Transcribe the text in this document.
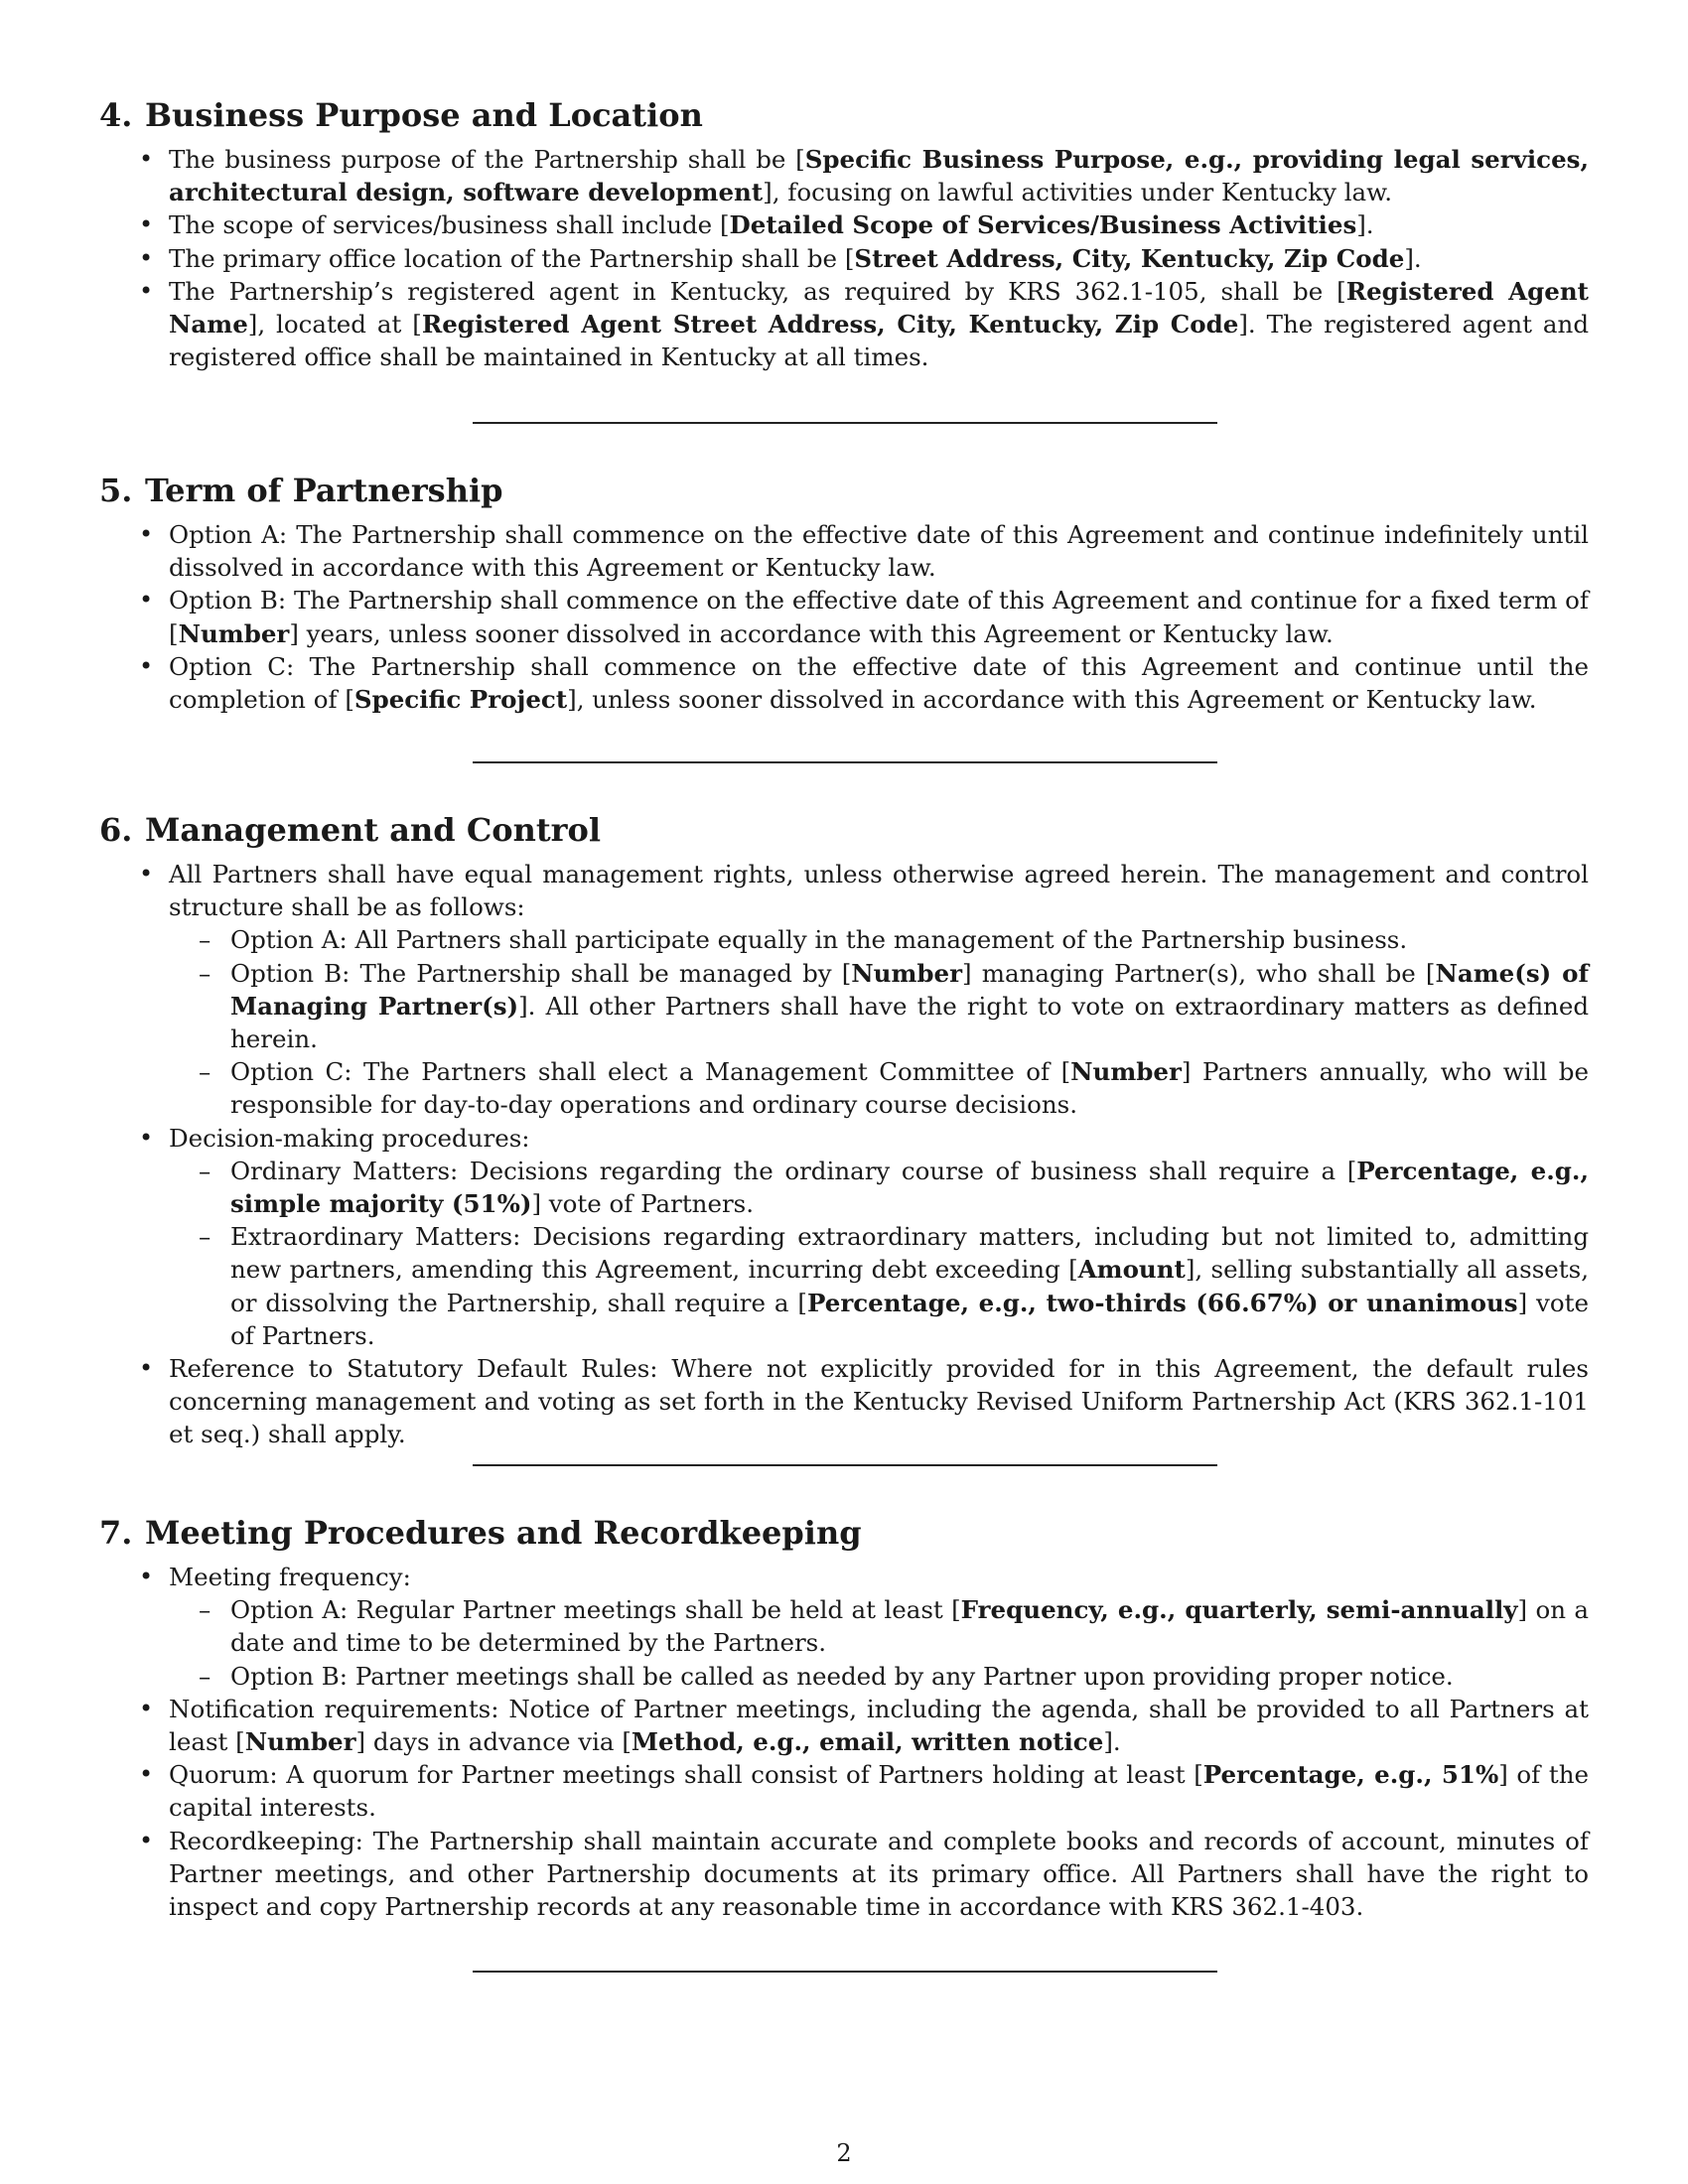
4. Business Purpose and Location
• The business purpose of the Partnership shall be [Specific Business Purpose, e.g., providing legal services, architectural design, software development], focusing on lawful activities under Kentucky law.
• The scope of services/business shall include [Detailed Scope of Services/Business Activities].
• The primary office location of the Partnership shall be [Street Address, City, Kentucky, Zip Code].
• The Partnership’s registered agent in Kentucky, as required by KRS 362.1-105, shall be [Registered Agent Name], located at [Registered Agent Street Address, City, Kentucky, Zip Code]. The registered agent and registered office shall be maintained in Kentucky at all times.
5. Term of Partnership
• Option A: The Partnership shall commence on the effective date of this Agreement and continue indefinitely until dissolved in accordance with this Agreement or Kentucky law.
• Option B: The Partnership shall commence on the effective date of this Agreement and continue for a fixed term of [Number] years, unless sooner dissolved in accordance with this Agreement or Kentucky law.
• Option C: The Partnership shall commence on the effective date of this Agreement and continue until the completion of [Specific Project], unless sooner dissolved in accordance with this Agreement or Kentucky law.
6. Management and Control
• All Partners shall have equal management rights, unless otherwise agreed herein. The management and control structure shall be as follows:
– Option A: All Partners shall participate equally in the management of the Partnership business.
– Option B: The Partnership shall be managed by [Number] managing Partner(s), who shall be [Name(s) of Managing Partner(s)]. All other Partners shall have the right to vote on extraordinary matters as defined herein.
– Option C: The Partners shall elect a Management Committee of [Number] Partners annually, who will be responsible for day-to-day operations and ordinary course decisions.
• Decision-making procedures:
– Ordinary Matters: Decisions regarding the ordinary course of business shall require a [Percentage, e.g., simple majority (51%)] vote of Partners.
– Extraordinary Matters: Decisions regarding extraordinary matters, including but not limited to, admitting new partners, amending this Agreement, incurring debt exceeding [Amount], selling substantially all assets, or dissolving the Partnership, shall require a [Percentage, e.g., two-thirds (66.67%) or unanimous] vote of Partners.
• Reference to Statutory Default Rules: Where not explicitly provided for in this Agreement, the default rules concerning management and voting as set forth in the Kentucky Revised Uniform Partnership Act (KRS 362.1-101 et seq.) shall apply.
7. Meeting Procedures and Recordkeeping
• Meeting frequency:
– Option A: Regular Partner meetings shall be held at least [Frequency, e.g., quarterly, semi-annually] on a date and time to be determined by the Partners.
– Option B: Partner meetings shall be called as needed by any Partner upon providing proper notice.
• Notification requirements: Notice of Partner meetings, including the agenda, shall be provided to all Partners at least [Number] days in advance via [Method, e.g., email, written notice].
• Quorum: A quorum for Partner meetings shall consist of Partners holding at least [Percentage, e.g., 51%] of the capital interests.
• Recordkeeping: The Partnership shall maintain accurate and complete books and records of account, minutes of Partner meetings, and other Partnership documents at its primary office. All Partners shall have the right to inspect and copy Partnership records at any reasonable time in accordance with KRS 362.1-403.
2
